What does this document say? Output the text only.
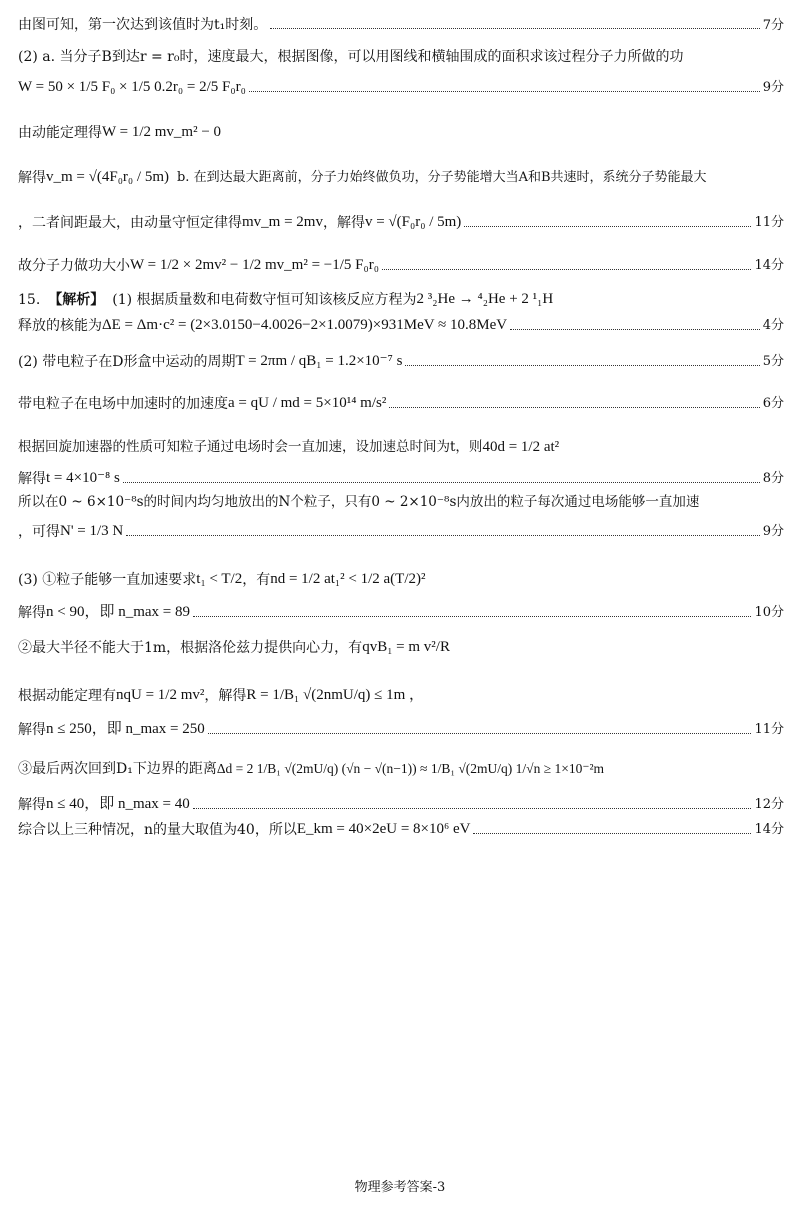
由图可知，第一次达到该值时为t₁时刻。	7分
(2) a. 当分子B到达r = r₀时，速度最大，根据图像，可以用图线和横轴围成的面积求该过程分子力所做的功
W = 50 × 1/5 F₀ × 1/5 0.2r₀ = 2/5 F₀r₀	9分
由动能定理得 W = 1/2 mv_m² − 0
解得 v_m = √(4F₀r₀ / 5m) b. 在到达最大距离前，分子力始终做负功，分子势能增大当A和B共速时，系统分子势能最大
，二者间距最大，由动量守恒定律得 mv_m = 2mv ，解得 v = √(F₀r₀ / 5m)	11分
故分子力做功大小 W = 1/2 × 2mv² − 1/2 mv_m² = −1/5 F₀r₀	14分
15. 【解析】 (1) 根据质量数和电荷数守恒可知该核反应方程为 2 ³₂He → ⁴₂He + 2 ¹₁H
释放的核能为 ΔE = Δm·c² = (2×3.0150−4.0026−2×1.0079)×931MeV ≈ 10.8MeV	4分
(2) 带电粒子在D形盒中运动的周期 T = 2πm / qB₁ = 1.2×10⁻⁷ s	5分
带电粒子在电场中加速时的加速度 a = qU / md = 5×10¹⁴ m/s²	6分
根据回旋加速器的性质可知粒子通过电场时会一直加速，设加速总时间为t，则 40d = 1/2 at²
解得 t = 4×10⁻⁸ s	8分
所以在0 ~ 6×10⁻⁸s的时间内均匀地放出的N个粒子，只有0 ~ 2×10⁻⁸s内放出的粒子每次通过电场能够一直加速
，可得 N' = 1/3 N	9分
(3) ①粒子能够一直加速要求 t₁ < T/2 ，有 nd = 1/2 at₁² < 1/2 a(T/2)²
解得 n < 90，即 n_max = 89	10分
②最大半径不能大于1m，根据洛伦兹力提供向心力，有 qvB₁ = m v²/R
根据动能定理有 nqU = 1/2 mv² ，解得 R = 1/B₁ √(2nmU/q) ≤ 1m ，
解得 n ≤ 250，即 n_max = 250	11分
③最后两次回到D₁下边界的距离 Δd = 2 1/B₁ √(2mU/q) (√n − √(n−1)) ≈ 1/B₁ √(2mU/q) 1/√n ≥ 1×10⁻²m
解得 n ≤ 40，即 n_max = 40	12分
综合以上三种情况，n的量大取值为40，所以 E_km = 40×2eU = 8×10⁶ eV	14分
物理参考答案-3
